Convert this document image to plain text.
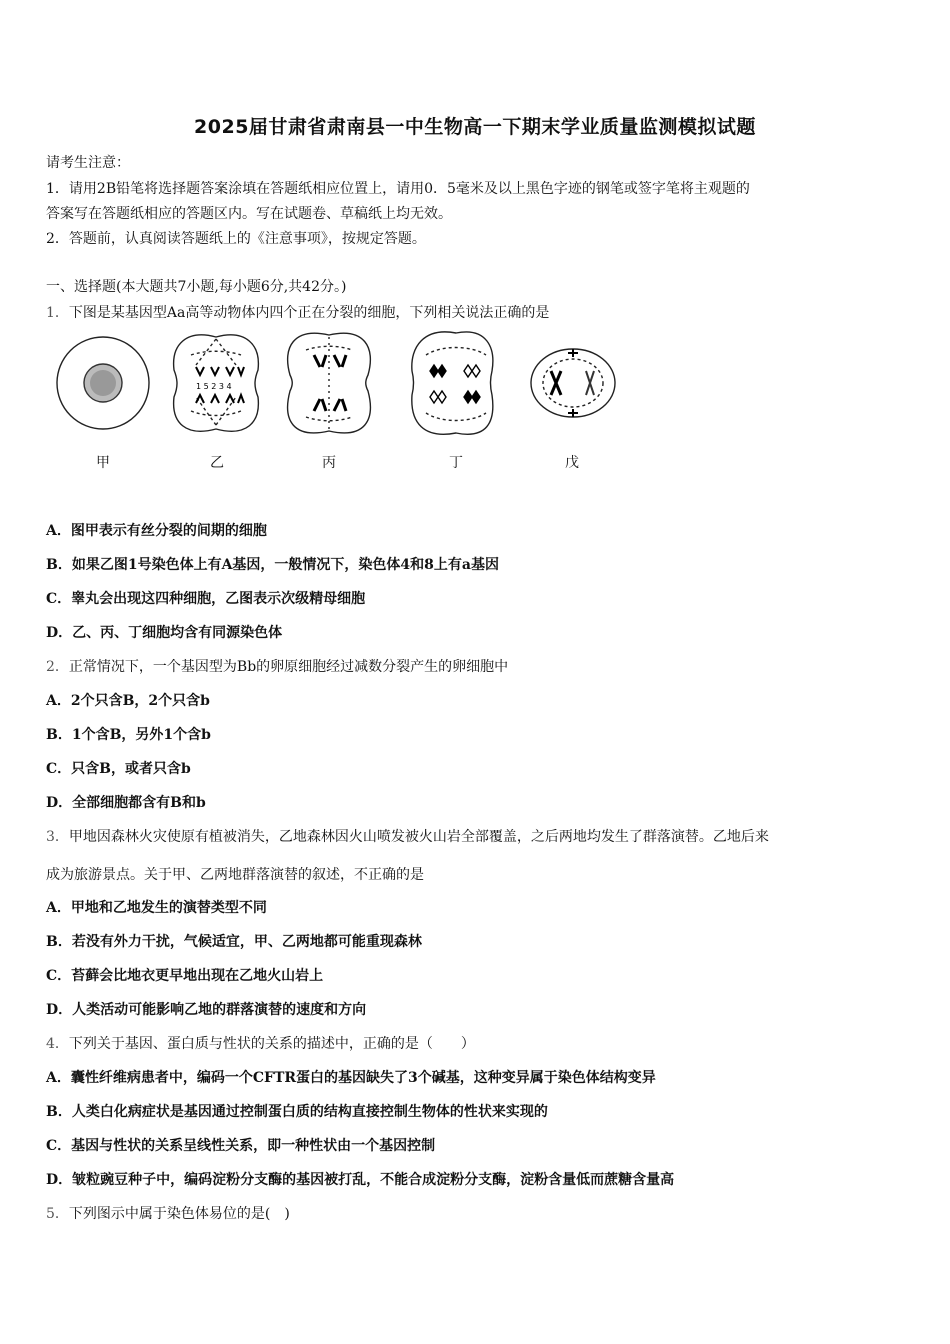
2025届甘肃省肃南县一中生物高一下期末学业质量监测模拟试题
请考生注意：
1．请用2B铅笔将选择题答案涂填在答题纸相应位置上，请用0．5毫米及以上黑色字迹的钢笔或签字笔将主观题的
答案写在答题纸相应的答题区内。写在试题卷、草稿纸上均无效。
2．答题前，认真阅读答题纸上的《注意事项》，按规定答题。
一、选择题(本大题共7小题,每小题6分,共42分。)
1．下图是某基因型Aa高等动物体内四个正在分裂的细胞，下列相关说法正确的是
1 5 2 3 4
甲	乙	丙	丁	戊
A．图甲表示有丝分裂的间期的细胞
B．如果乙图1号染色体上有A基因，一般情况下，染色体4和8上有a基因
C．睾丸会出现这四种细胞，乙图表示次级精母细胞
D．乙、丙、丁细胞均含有同源染色体
2．正常情况下，一个基因型为Bb的卵原细胞经过减数分裂产生的卵细胞中
A．2个只含B，2个只含b
B．1个含B，另外1个含b
C．只含B，或者只含b
D．全部细胞都含有B和b
3．甲地因森林火灾使原有植被消失，乙地森林因火山喷发被火山岩全部覆盖，之后两地均发生了群落演替。乙地后来
成为旅游景点。关于甲、乙两地群落演替的叙述，不正确的是
A．甲地和乙地发生的演替类型不同
B．若没有外力干扰，气候适宜，甲、乙两地都可能重现森林
C．苔藓会比地衣更早地出现在乙地火山岩上
D．人类活动可能影响乙地的群落演替的速度和方向
4．下列关于基因、蛋白质与性状的关系的描述中，正确的是（　　）
A．囊性纤维病患者中，编码一个CFTR蛋白的基因缺失了3个碱基，这种变异属于染色体结构变异
B．人类白化病症状是基因通过控制蛋白质的结构直接控制生物体的性状来实现的
C．基因与性状的关系呈线性关系，即一种性状由一个基因控制
D．皱粒豌豆种子中，编码淀粉分支酶的基因被打乱，不能合成淀粉分支酶，淀粉含量低而蔗糖含量高
5．下列图示中属于染色体易位的是(　)
